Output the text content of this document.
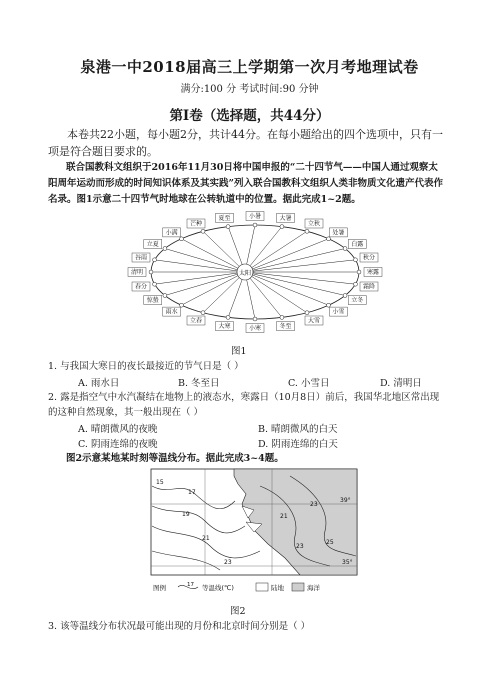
泉港一中2018届高三上学期第一次月考地理试卷
满分:100 分 考试时间:90 分钟
第Ⅰ卷（选择题，共44分）
本卷共22小题，每小题2分，共计44分。在每小题给出的四个选项中，只有一
项是符合题目要求的。
联合国教科文组织于2016年11月30日将中国申报的“二十四节气——中国人通过观察太
阳周年运动而形成的时间知识体系及其实践”列入联合国教科文组织人类非物质文化遗产代表作
名录。图1示意二十四节气时地球在公转轨道中的位置。据此完成1~2题。
太阳
立夏
小满
芒种
夏至	小暑	大暑
立秋
处暑
白露
秋分
寒露
霜降
立冬
小雪
大雪
冬至
小寒
大寒
立春
雨水
惊蛰
春分
清明
谷雨
图1
1. 与我国大寒日的夜长最接近的节气日是（ ）
A. 雨水日	B. 冬至日	C. 小雪日	D. 清明日
2. 露是指空气中水汽凝结在地物上的液态水，寒露日（10月8日）前后，我国华北地区常出现
的这种自然现象，其一般出现在（ ）
A. 晴朗微风的夜晚	B. 晴朗微风的白天
C. 阴雨连绵的夜晚	D. 阴雨连绵的白天
图2示意某地某时刻等温线分布。据此完成3~4题。
39°
35°
15
17
19
21
23
21
23
23
25
图例	17 等温线(℃)	陆地	海洋
图2
3. 该等温线分布状况最可能出现的月份和北京时间分别是（ ）
